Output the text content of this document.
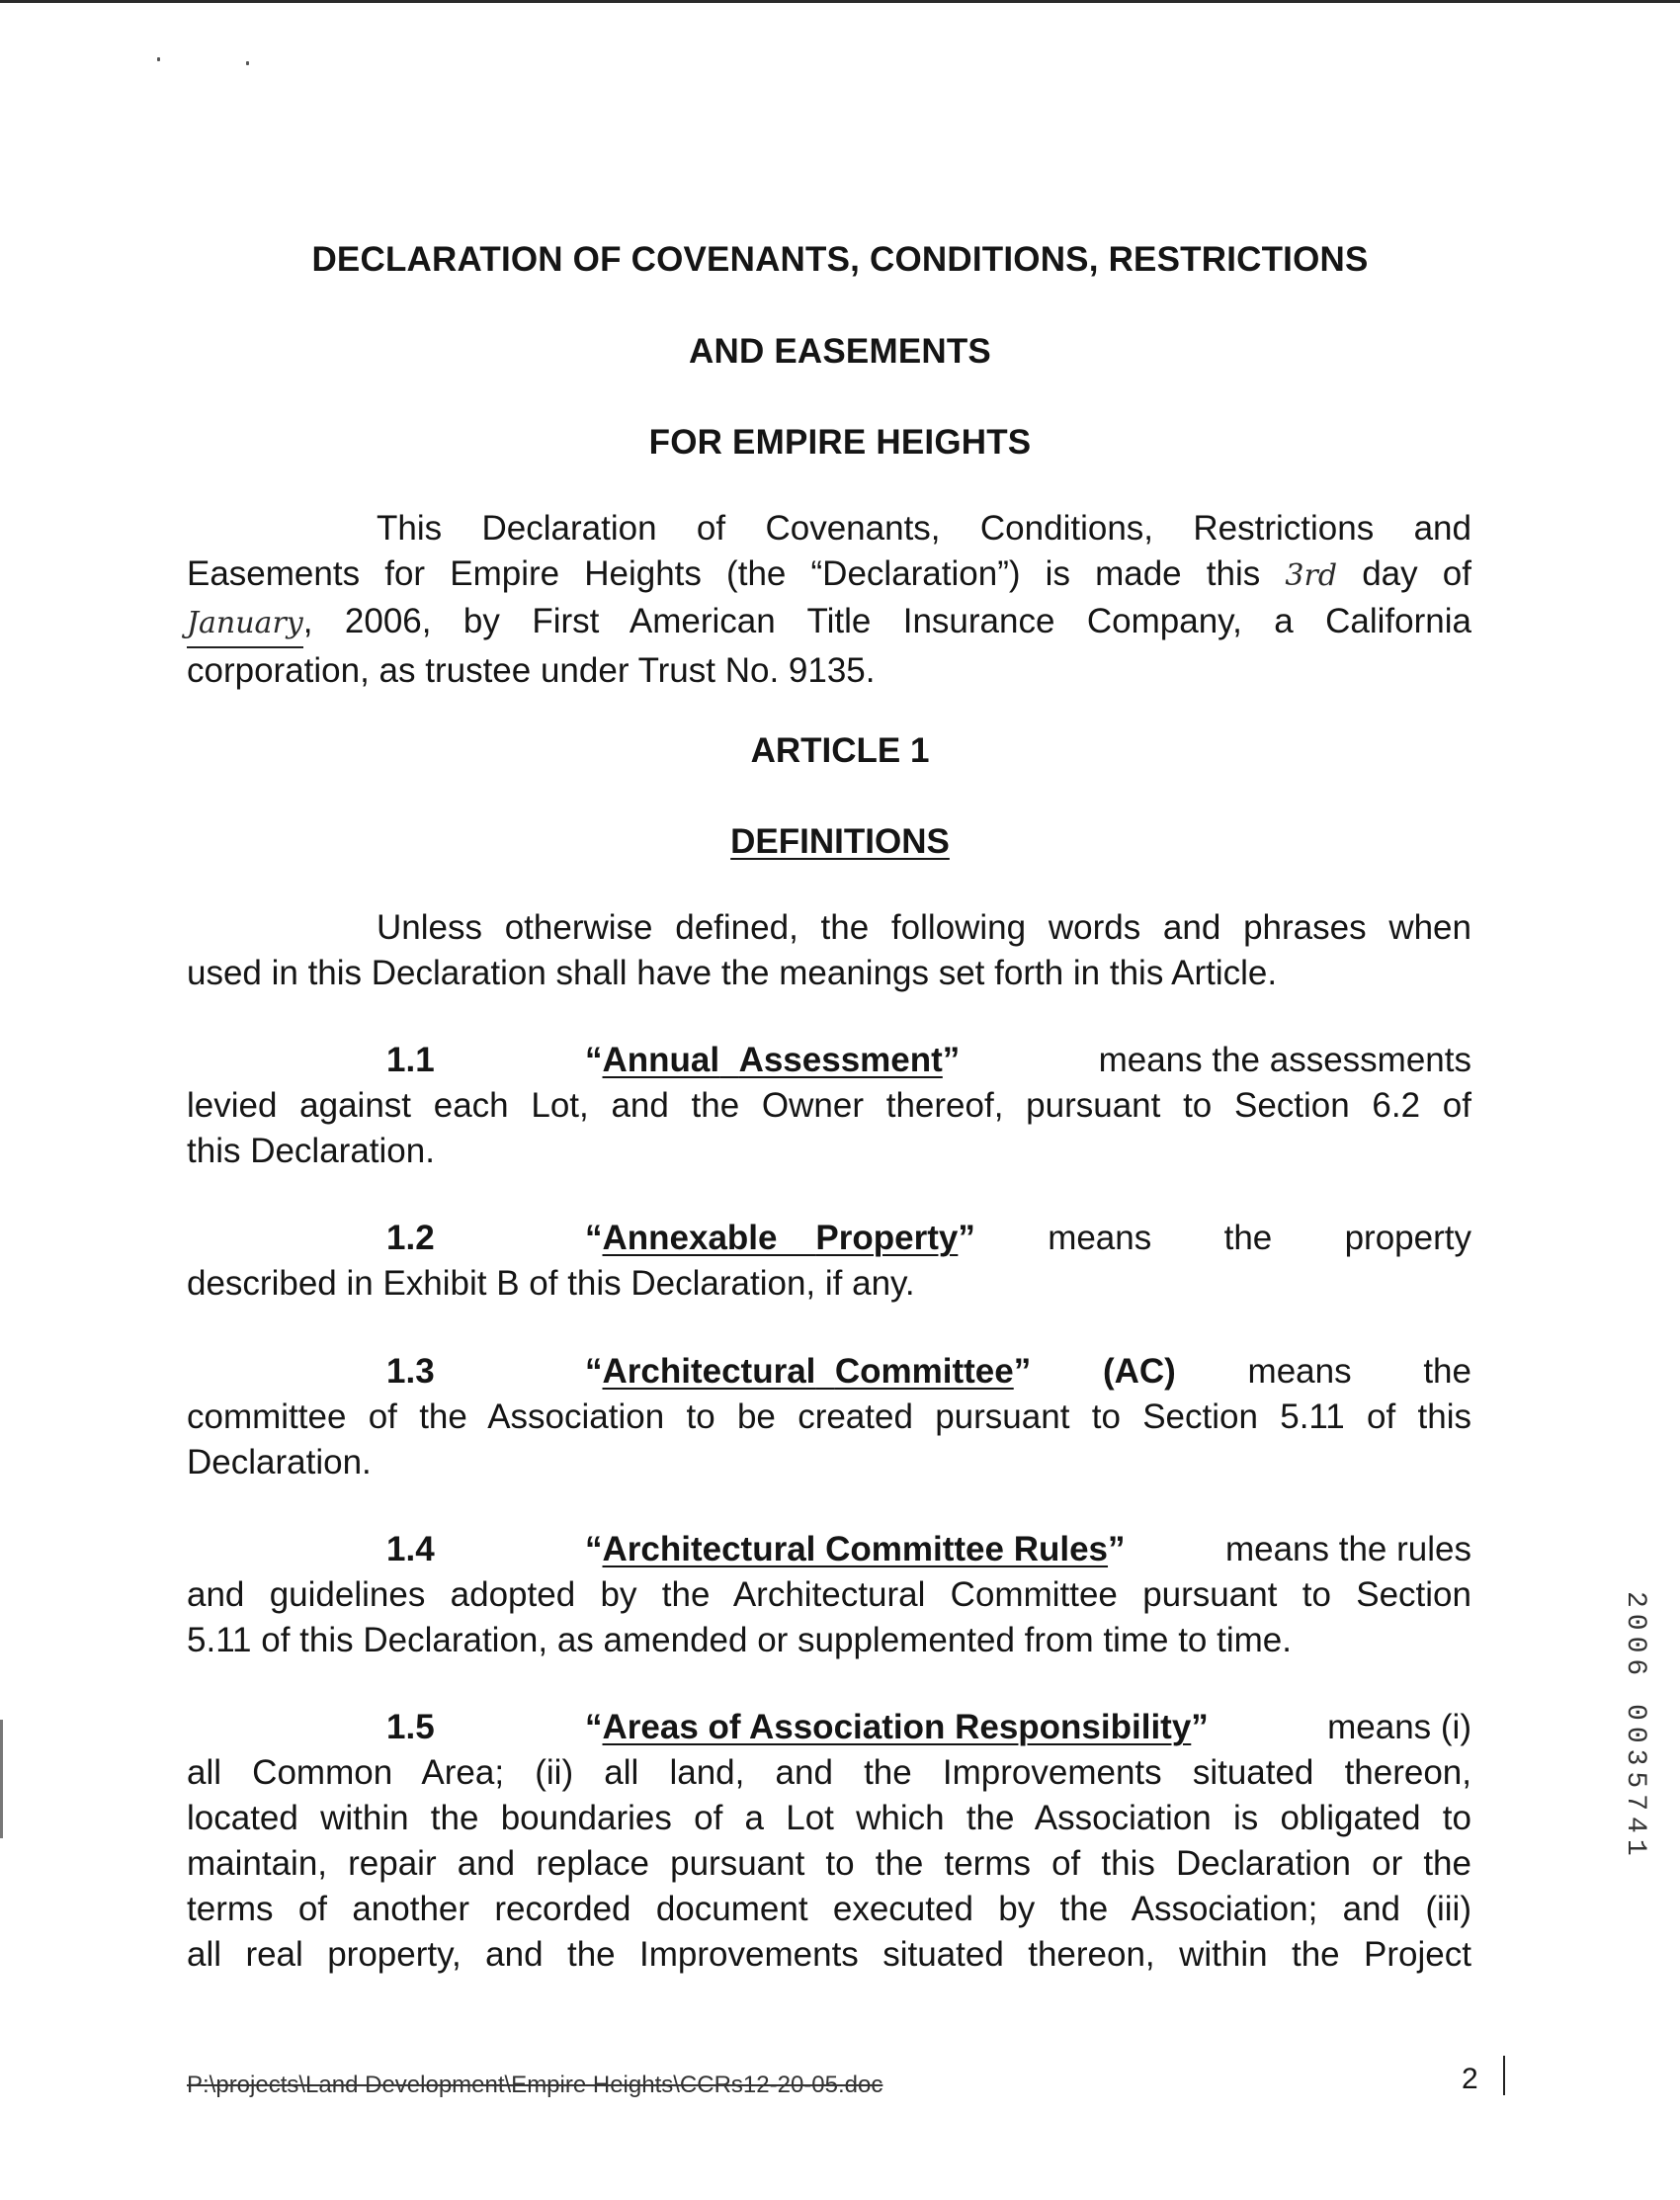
DECLARATION OF COVENANTS, CONDITIONS, RESTRICTIONS
AND EASEMENTS
FOR EMPIRE HEIGHTS
This Declaration of Covenants, Conditions, Restrictions and
Easements for Empire Heights (the “Declaration”) is made this 3rd day of
January, 2006, by First American Title Insurance Company, a California
corporation, as trustee under Trust No. 9135.
ARTICLE 1
DEFINITIONS
Unless otherwise defined, the following words and phrases when
used in this Declaration shall have the meanings set forth in this Article.
1.1	“Annual Assessment”	means the assessments
levied against each Lot, and the Owner thereof, pursuant to Section 6.2 of
this Declaration.
1.2	“Annexable Property” means the property
described in Exhibit B of this Declaration, if any.
1.3	“Architectural Committee” (AC) means the
committee of the Association to be created pursuant to Section 5.11 of this
Declaration.
1.4	“Architectural Committee Rules”	means the rules
and guidelines adopted by the Architectural Committee pursuant to Section
5.11 of this Declaration, as amended or supplemented from time to time.
1.5	“Areas of Association Responsibility”	means (i)
all Common Area; (ii) all land, and the Improvements situated thereon,
located within the boundaries of a Lot which the Association is obligated to
maintain, repair and replace pursuant to the terms of this Declaration or the
terms of another recorded document executed by the Association; and (iii)
all real property, and the Improvements situated thereon, within the Project
2006 0035741
P:\projects\Land Development\Empire Heights\CCRs12-20-05.doc	2
